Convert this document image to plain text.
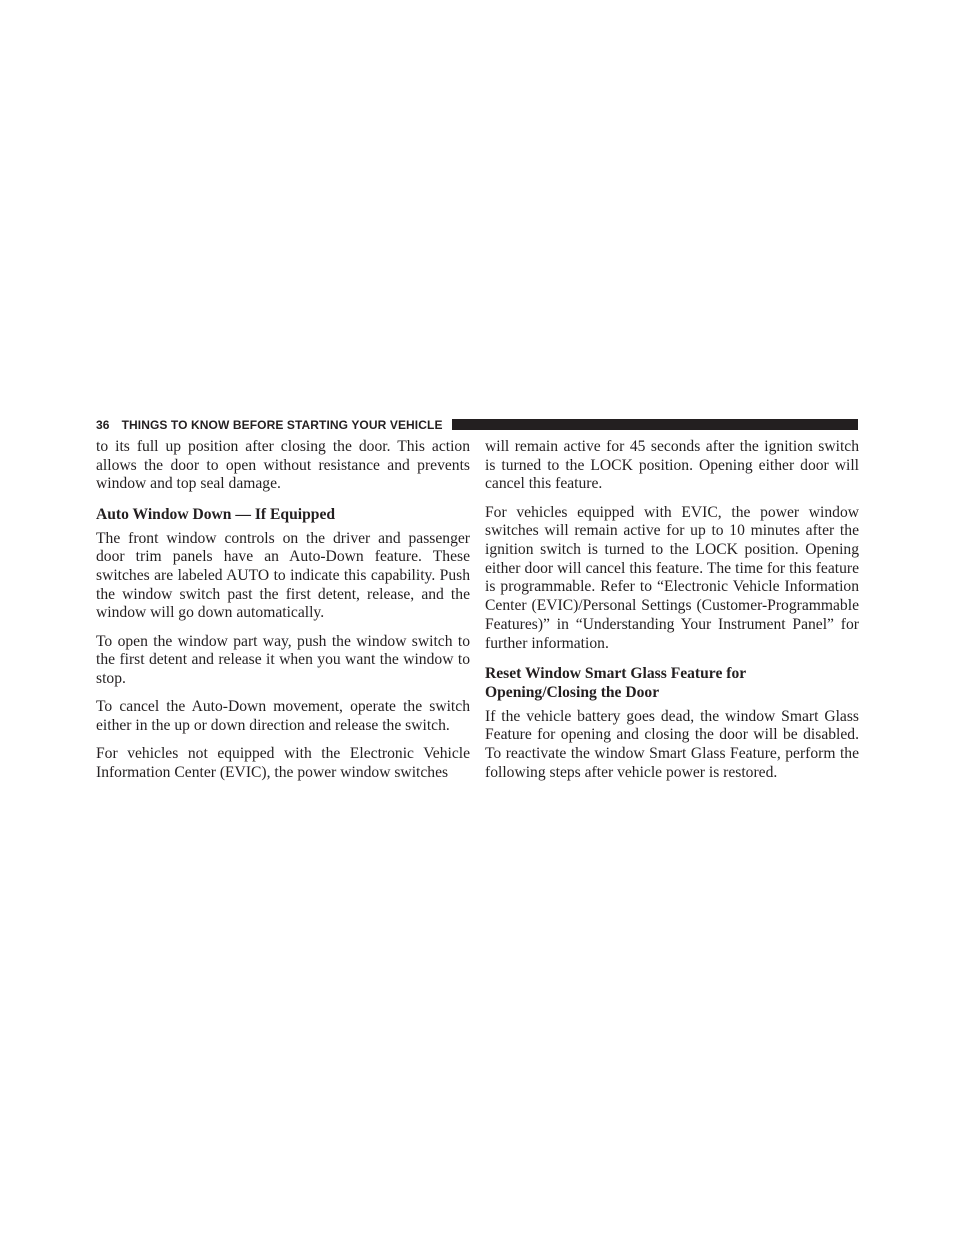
36 THINGS TO KNOW BEFORE STARTING YOUR VEHICLE

to its full up position after closing the door. This action allows the door to open without resistance and prevents window and top seal damage.

Auto Window Down — If Equipped

The front window controls on the driver and passenger door trim panels have an Auto-Down feature. These switches are labeled AUTO to indicate this capability. Push the window switch past the first detent, release, and the window will go down automatically.

To open the window part way, push the window switch to the first detent and release it when you want the window to stop.

To cancel the Auto-Down movement, operate the switch either in the up or down direction and release the switch.

For vehicles not equipped with the Electronic Vehicle Information Center (EVIC), the power window switches

will remain active for 45 seconds after the ignition switch is turned to the LOCK position. Opening either door will cancel this feature.

For vehicles equipped with EVIC, the power window switches will remain active for up to 10 minutes after the ignition switch is turned to the LOCK position. Opening either door will cancel this feature. The time for this feature is programmable. Refer to “Electronic Vehicle Information Center (EVIC)/Personal Settings (Customer-Programmable Features)” in “Understanding Your Instrument Panel” for further information.

Reset Window Smart Glass Feature for Opening/Closing the Door

If the vehicle battery goes dead, the window Smart Glass Feature for opening and closing the door will be disabled. To reactivate the window Smart Glass Feature, perform the following steps after vehicle power is restored.
